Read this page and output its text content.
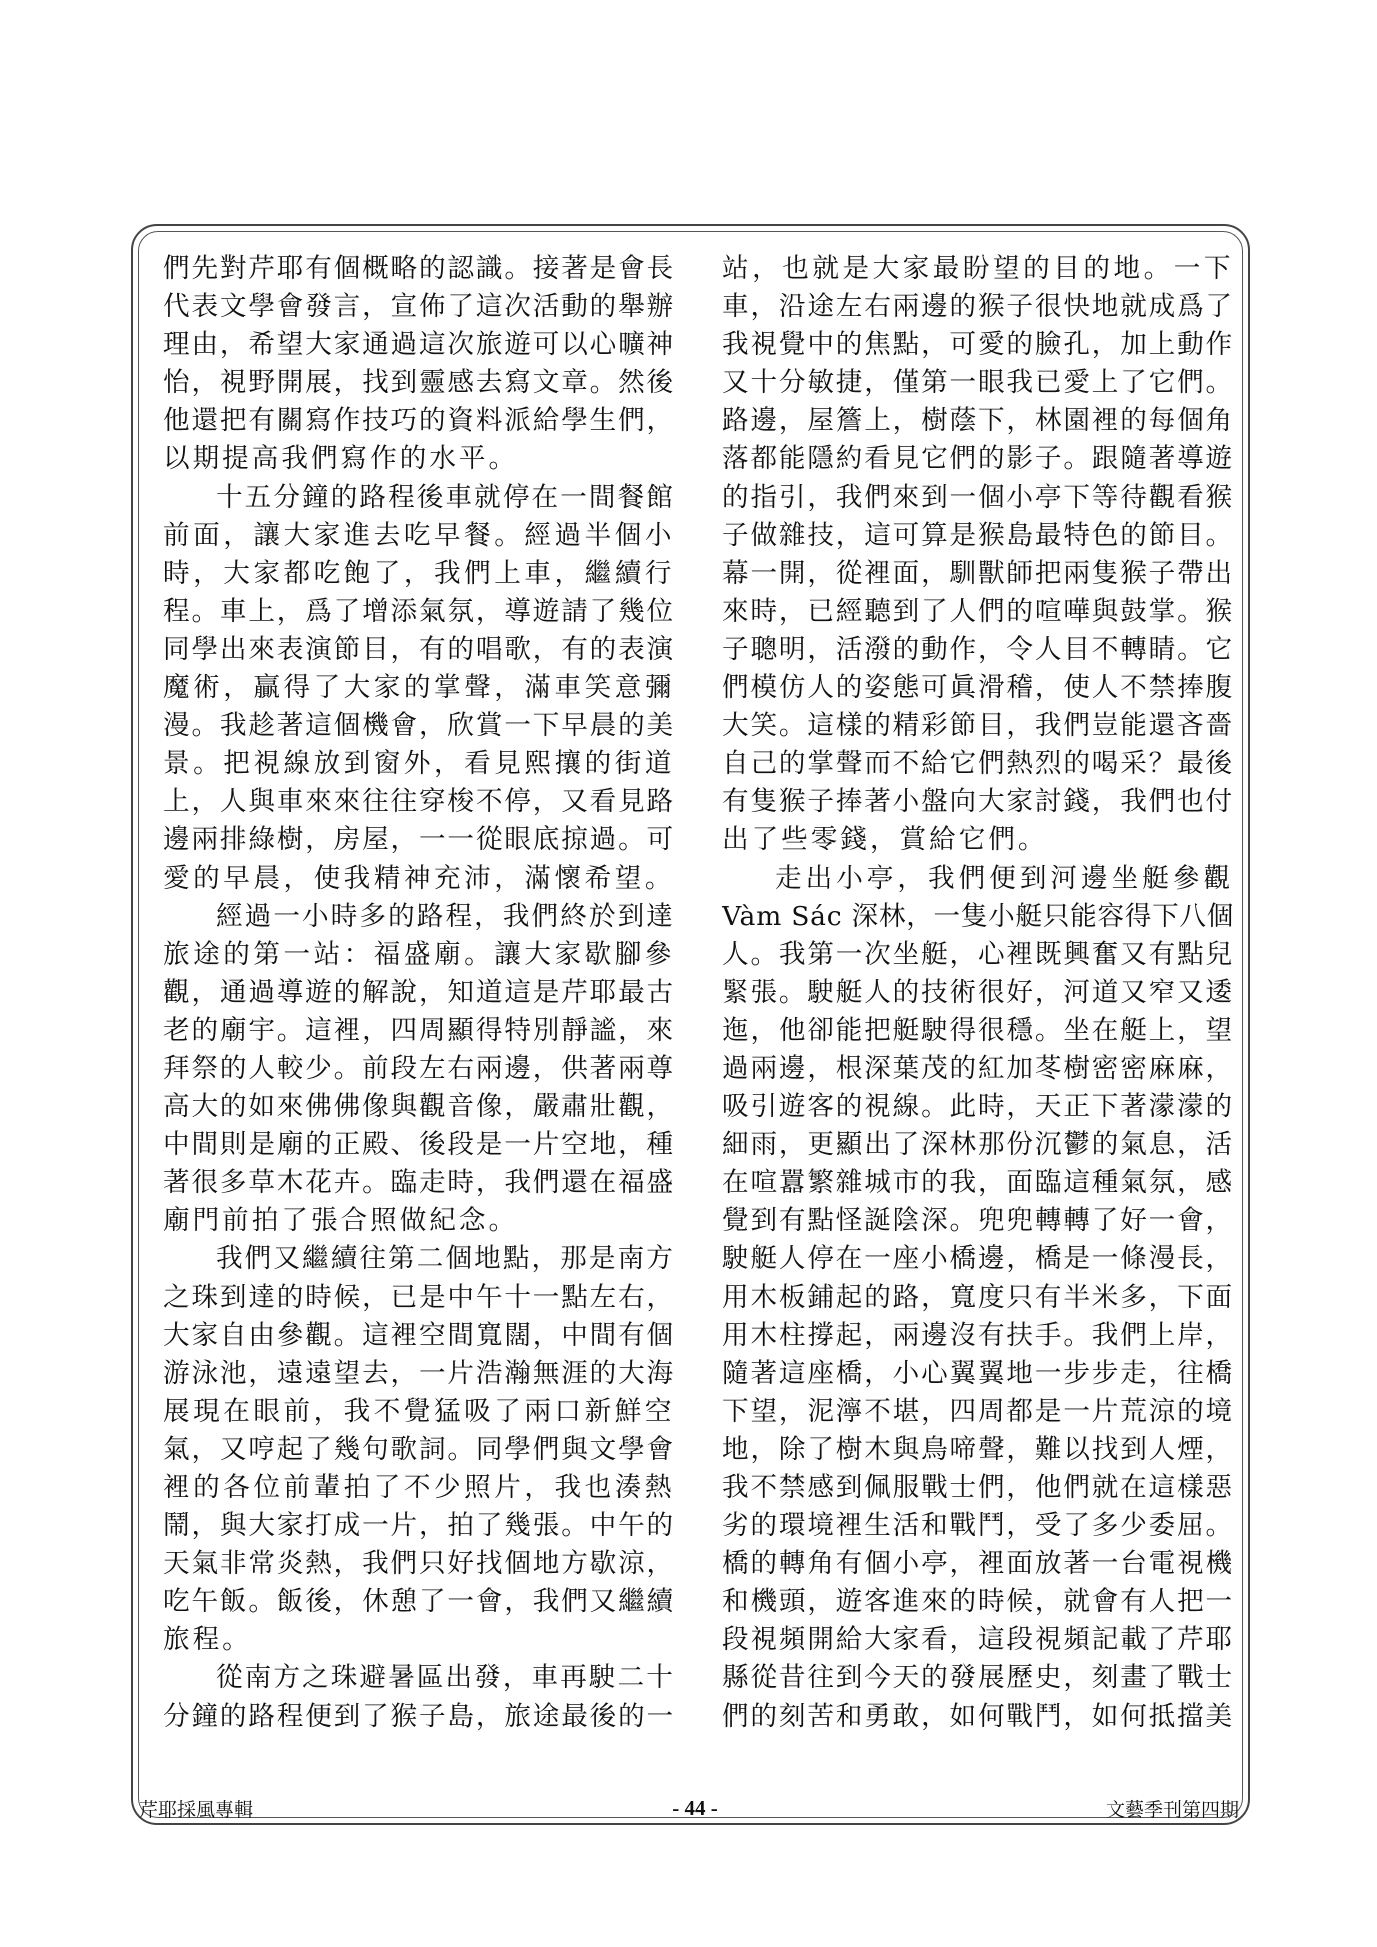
們先對芹耶有個概略的認識。接著是會長
代表文學會發言，宣佈了這次活動的舉辦
理由，希望大家通過這次旅遊可以心曠神
怡，視野開展，找到靈感去寫文章。然後
他還把有關寫作技巧的資料派給學生們，
以期提高我們寫作的水平。
十五分鐘的路程後車就停在一間餐館
前面，讓大家進去吃早餐。經過半個小
時，大家都吃飽了，我們上車，繼續行
程。車上，爲了增添氣氛，導遊請了幾位
同學出來表演節目，有的唱歌，有的表演
魔術，贏得了大家的掌聲，滿車笑意彌
漫。我趁著這個機會，欣賞一下早晨的美
景。把視線放到窗外，看見熙攘的街道
上，人與車來來往往穿梭不停，又看見路
邊兩排綠樹，房屋，一一從眼底掠過。可
愛的早晨，使我精神充沛，滿懷希望。
經過一小時多的路程，我們終於到達
旅途的第一站：福盛廟。讓大家歇腳參
觀，通過導遊的解說，知道這是芹耶最古
老的廟宇。這裡，四周顯得特別靜謐，來
拜祭的人較少。前段左右兩邊，供著兩尊
高大的如來佛佛像與觀音像，嚴肅壯觀，
中間則是廟的正殿、後段是一片空地，種
著很多草木花卉。臨走時，我們還在福盛
廟門前拍了張合照做紀念。
我們又繼續往第二個地點，那是南方
之珠到達的時候，已是中午十一點左右，
大家自由參觀。這裡空間寬闊，中間有個
游泳池，遠遠望去，一片浩瀚無涯的大海
展現在眼前，我不覺猛吸了兩口新鮮空
氣，又哼起了幾句歌詞。同學們與文學會
裡的各位前輩拍了不少照片，我也湊熱
鬧，與大家打成一片，拍了幾張。中午的
天氣非常炎熱，我們只好找個地方歇涼，
吃午飯。飯後，休憩了一會，我們又繼續
旅程。
從南方之珠避暑區出發，車再駛二十
分鐘的路程便到了猴子島，旅途最後的一
站，也就是大家最盼望的目的地。一下
車，沿途左右兩邊的猴子很快地就成爲了
我視覺中的焦點，可愛的臉孔，加上動作
又十分敏捷，僅第一眼我已愛上了它們。
路邊，屋簷上，樹蔭下，林園裡的每個角
落都能隱約看見它們的影子。跟隨著導遊
的指引，我們來到一個小亭下等待觀看猴
子做雜技，這可算是猴島最特色的節目。
幕一開，從裡面，馴獸師把兩隻猴子帶出
來時，已經聽到了人們的喧嘩與鼓掌。猴
子聰明，活潑的動作，令人目不轉睛。它
們模仿人的姿態可眞滑稽，使人不禁捧腹
大笑。這樣的精彩節目，我們豈能還吝嗇
自己的掌聲而不給它們熱烈的喝采？最後
有隻猴子捧著小盤向大家討錢，我們也付
出了些零錢，賞給它們。
走出小亭，我們便到河邊坐艇參觀
Vàm Sác 深林，一隻小艇只能容得下八個
人。我第一次坐艇，心裡既興奮又有點兒
緊張。駛艇人的技術很好，河道又窄又逶
迤，他卻能把艇駛得很穩。坐在艇上，望
過兩邊，根深葉茂的紅加苳樹密密麻麻，
吸引遊客的視線。此時，天正下著濛濛的
細雨，更顯出了深林那份沉鬱的氣息，活
在喧囂繁雜城市的我，面臨這種氣氛，感
覺到有點怪誕陰深。兜兜轉轉了好一會，
駛艇人停在一座小橋邊，橋是一條漫長，
用木板鋪起的路，寬度只有半米多，下面
用木柱撐起，兩邊沒有扶手。我們上岸，
隨著這座橋，小心翼翼地一步步走，往橋
下望，泥濘不堪，四周都是一片荒涼的境
地，除了樹木與鳥啼聲，難以找到人煙，
我不禁感到佩服戰士們，他們就在這樣惡
劣的環境裡生活和戰鬥，受了多少委屈。
橋的轉角有個小亭，裡面放著一台電視機
和機頭，遊客進來的時候，就會有人把一
段視頻開給大家看，這段視頻記載了芹耶
縣從昔往到今天的發展歷史，刻畫了戰士
們的刻苦和勇敢，如何戰鬥，如何抵擋美
芹耶採風專輯	- 44 -	文藝季刊第四期
